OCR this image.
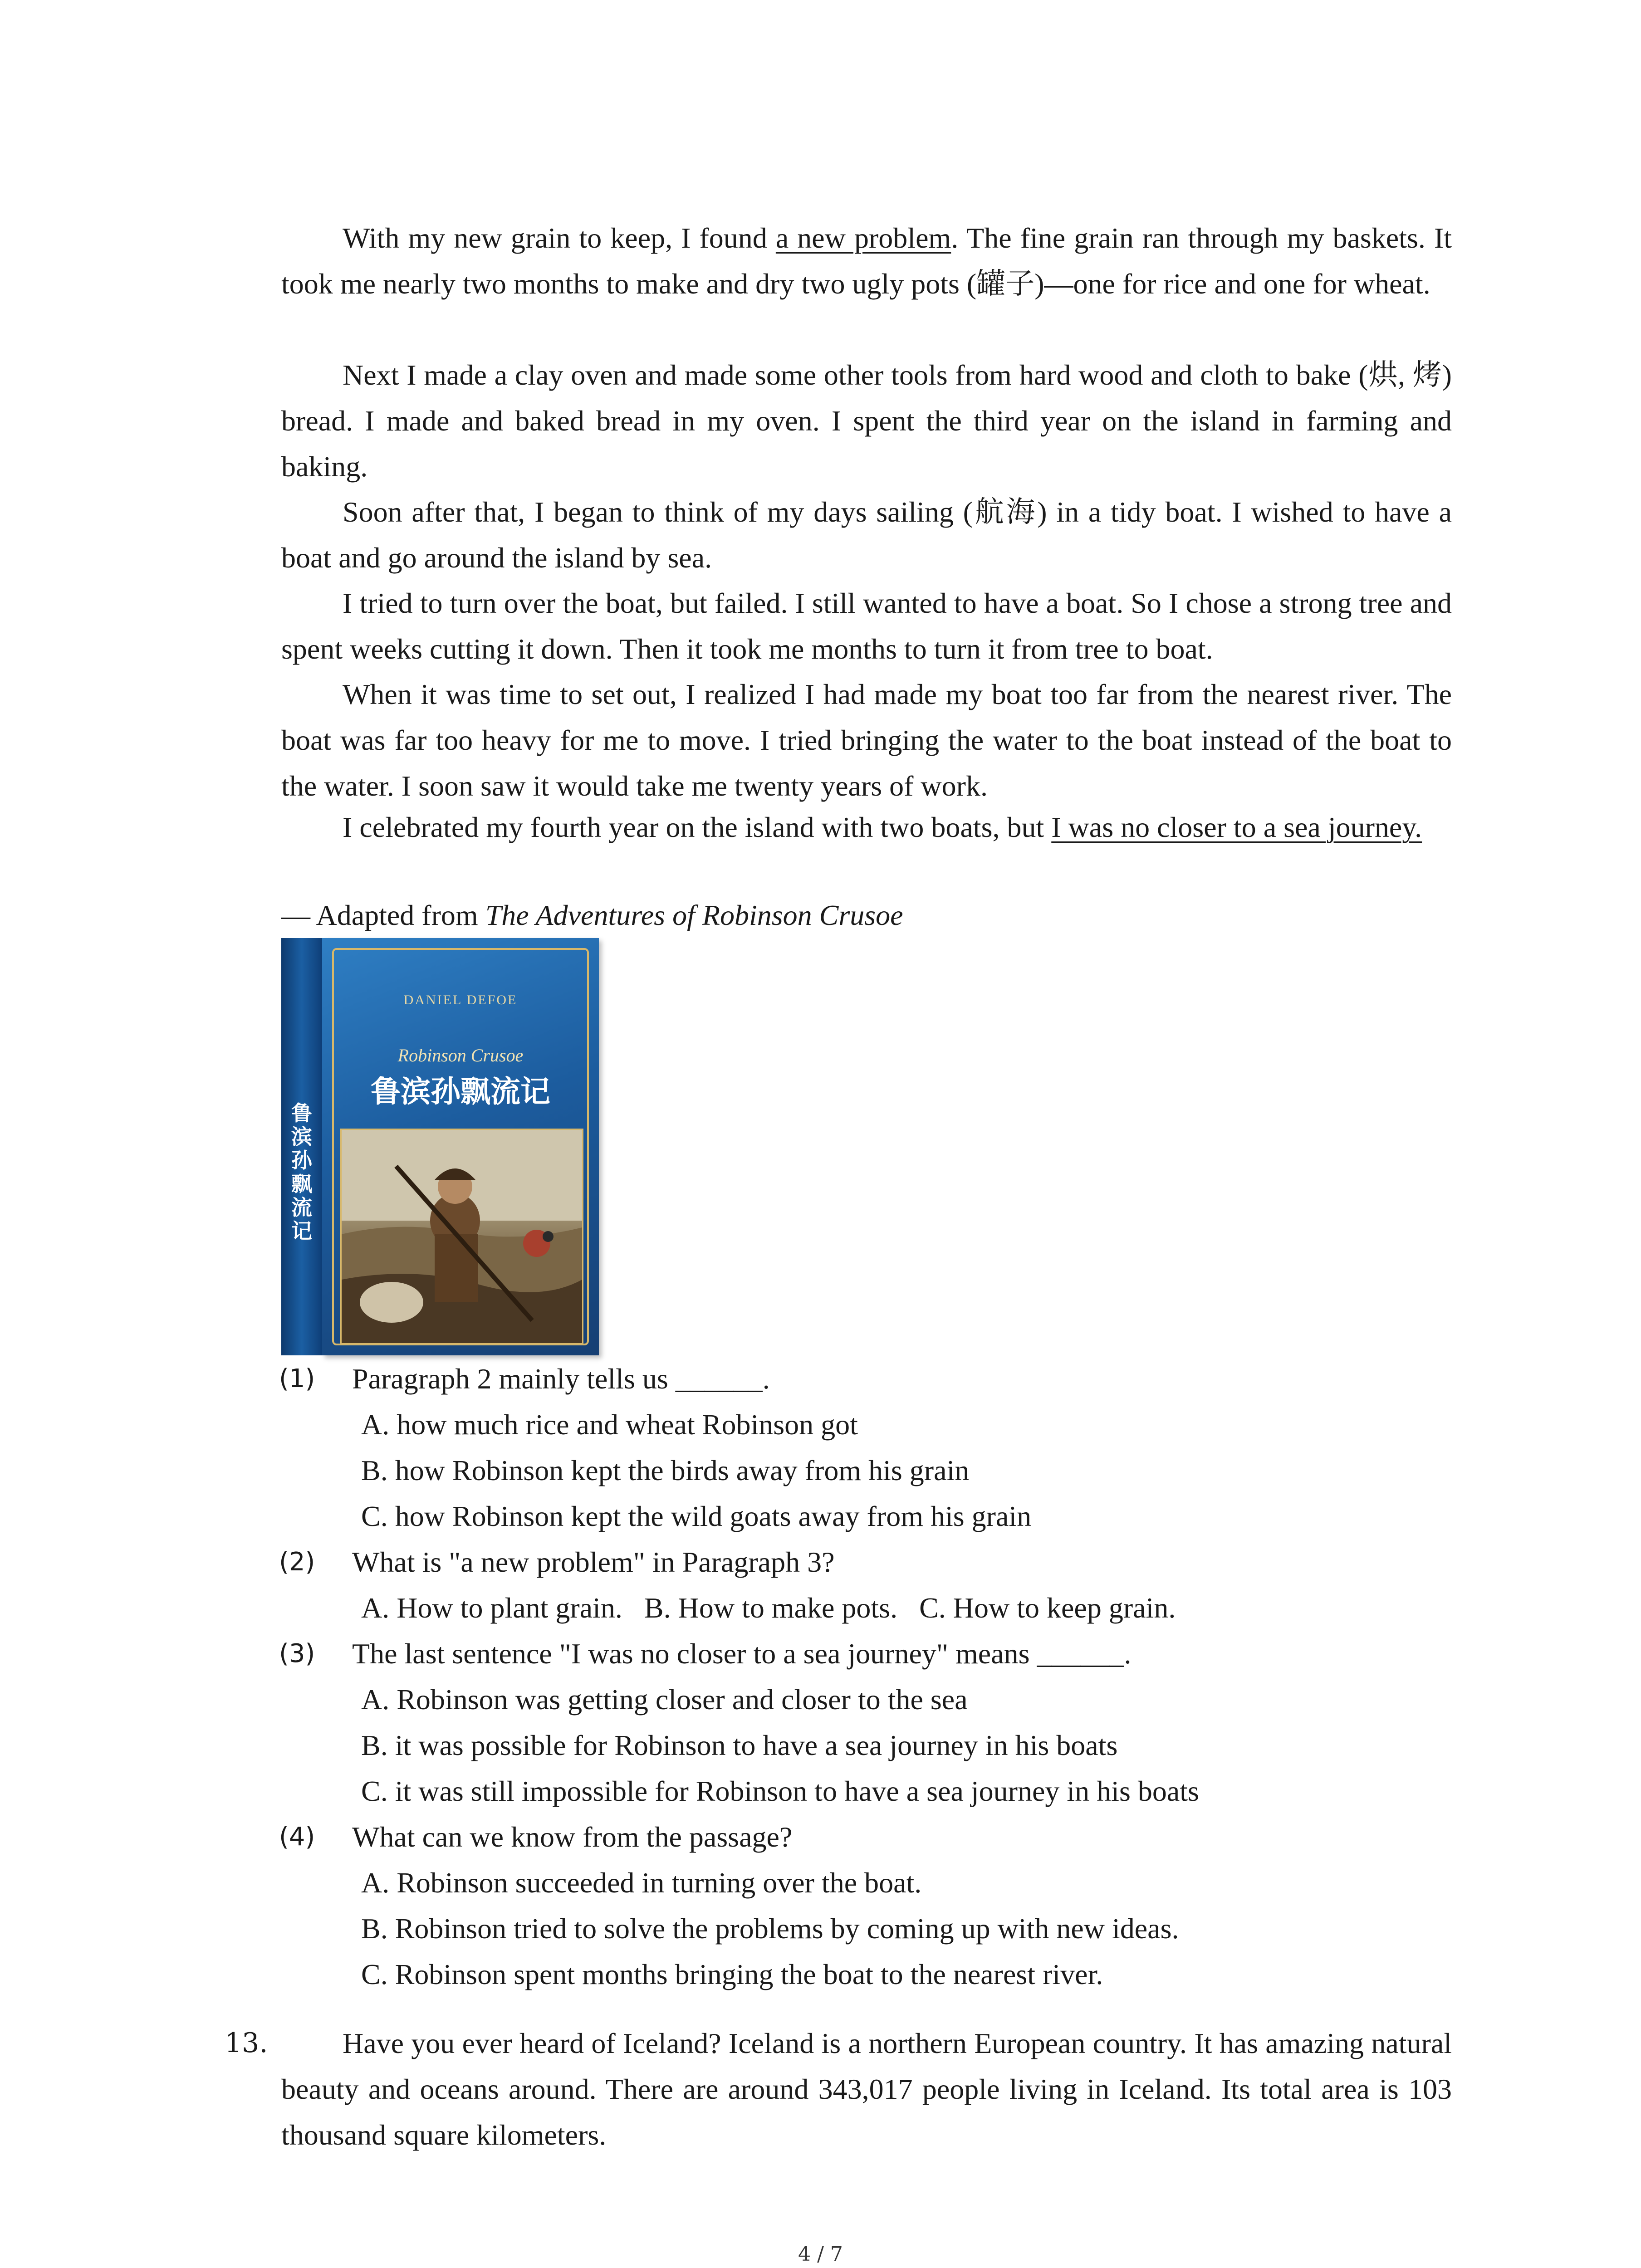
With my new grain to keep, I found a new problem. The fine grain ran through my baskets. It took me nearly two months to make and dry two ugly pots (罐子)—one for rice and one for wheat.
Next I made a clay oven and made some other tools from hard wood and cloth to bake (烘, 烤) bread. I made and baked bread in my oven. I spent the third year on the island in farming and baking.
Soon after that, I began to think of my days sailing (航海) in a tidy boat. I wished to have a boat and go around the island by sea.
I tried to turn over the boat, but failed. I still wanted to have a boat. So I chose a strong tree and spent weeks cutting it down. Then it took me months to turn it from tree to boat.
When it was time to set out, I realized I had made my boat too far from the nearest river. The boat was far too heavy for me to move. I tried bringing the water to the boat instead of the boat to the water. I soon saw it would take me twenty years of work.
I celebrated my fourth year on the island with two boats, but I was no closer to a sea journey.
— Adapted from The Adventures of Robinson Crusoe
鲁滨孙飘流记
DANIEL DEFOE
Robinson Crusoe
鲁滨孙飘流记
(1) Paragraph 2 mainly tells us ______.
A. how much rice and wheat Robinson got
B. how Robinson kept the birds away from his grain
C. how Robinson kept the wild goats away from his grain
(2) What is "a new problem" in Paragraph 3?
A. How to plant grain.   B. How to make pots.   C. How to keep grain.
(3) The last sentence "I was no closer to a sea journey" means ______.
A. Robinson was getting closer and closer to the sea
B. it was possible for Robinson to have a sea journey in his boats
C. it was still impossible for Robinson to have a sea journey in his boats
(4) What can we know from the passage?
A. Robinson succeeded in turning over the boat.
B. Robinson tried to solve the problems by coming up with new ideas.
C. Robinson spent months bringing the boat to the nearest river.
13.	Have you ever heard of Iceland? Iceland is a northern European country. It has amazing natural beauty and oceans around. There are around 343,017 people living in Iceland. Its total area is 103 thousand square kilometers.
4 / 7
